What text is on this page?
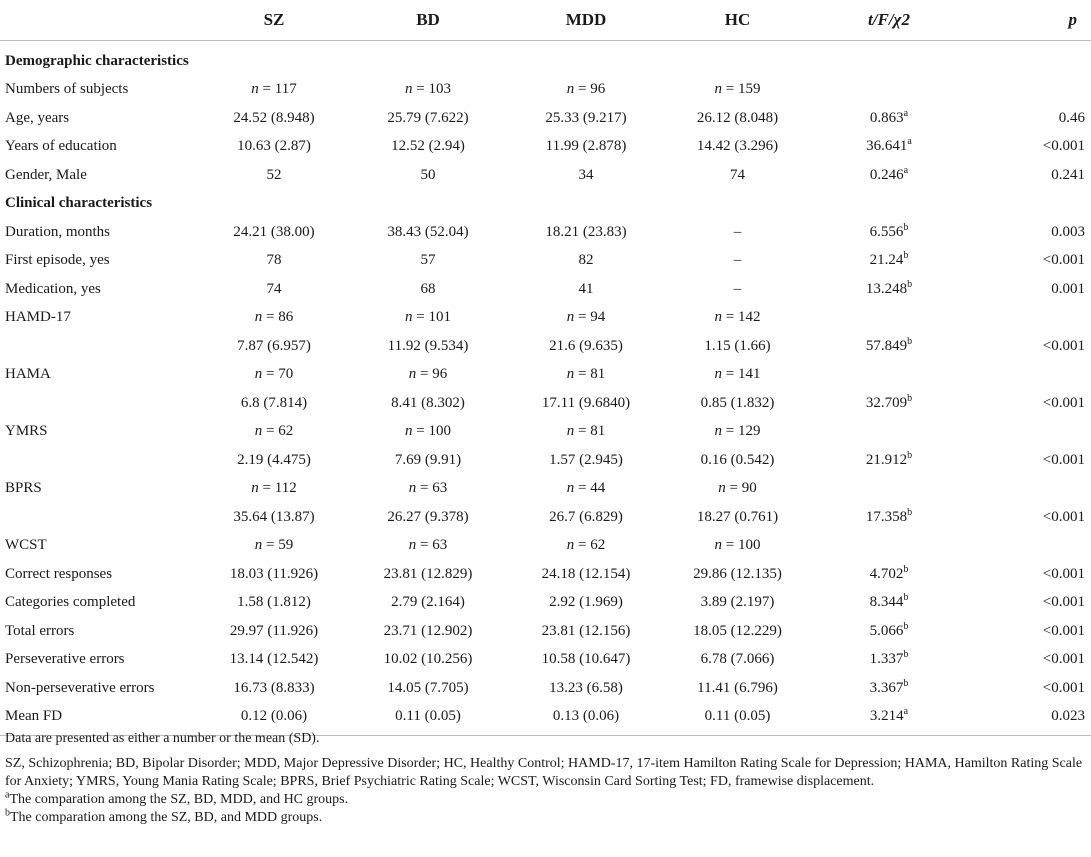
	SZ	BD	MDD	HC	t/F/χ2	p
Demographic characteristics						
Numbers of subjects	n = 117	n = 103	n = 96	n = 159		
Age, years	24.52 (8.948)	25.79 (7.622)	25.33 (9.217)	26.12 (8.048)	0.863$^a$	0.46
Years of education	10.63 (2.87)	12.52 (2.94)	11.99 (2.878)	14.42 (3.296)	36.641$^a$	<0.001
Gender, Male	52	50	34	74	0.246$^a$	0.241
Clinical characteristics						
Duration, months	24.21 (38.00)	38.43 (52.04)	18.21 (23.83)	–	6.556$^b$	0.003
First episode, yes	78	57	82	–	21.24$^b$	<0.001
Medication, yes	74	68	41	–	13.248$^b$	0.001
HAMD-17	n = 86	n = 101	n = 94	n = 142		
	7.87 (6.957)	11.92 (9.534)	21.6 (9.635)	1.15 (1.66)	57.849$^b$	<0.001
HAMA	n = 70	n = 96	n = 81	n = 141		
	6.8 (7.814)	8.41 (8.302)	17.11 (9.6840)	0.85 (1.832)	32.709$^b$	<0.001
YMRS	n = 62	n = 100	n = 81	n = 129		
	2.19 (4.475)	7.69 (9.91)	1.57 (2.945)	0.16 (0.542)	21.912$^b$	<0.001
BPRS	n = 112	n = 63	n = 44	n = 90		
	35.64 (13.87)	26.27 (9.378)	26.7 (6.829)	18.27 (0.761)	17.358$^b$	<0.001
WCST	n = 59	n = 63	n = 62	n = 100		
Correct responses	18.03 (11.926)	23.81 (12.829)	24.18 (12.154)	29.86 (12.135)	4.702$^b$	<0.001
Categories completed	1.58 (1.812)	2.79 (2.164)	2.92 (1.969)	3.89 (2.197)	8.344$^b$	<0.001
Total errors	29.97 (11.926)	23.71 (12.902)	23.81 (12.156)	18.05 (12.229)	5.066$^b$	<0.001
Perseverative errors	13.14 (12.542)	10.02 (10.256)	10.58 (10.647)	6.78 (7.066)	1.337$^b$	<0.001
Non-perseverative errors	16.73 (8.833)	14.05 (7.705)	13.23 (6.58)	11.41 (6.796)	3.367$^b$	<0.001
Mean FD	0.12 (0.06)	0.11 (0.05)	0.13 (0.06)	0.11 (0.05)	3.214$^a$	0.023

Data are presented as either a number or the mean (SD).

SZ, Schizophrenia; BD, Bipolar Disorder; MDD, Major Depressive Disorder; HC, Healthy Control; HAMD-17, 17-item Hamilton Rating Scale for Depression; HAMA, Hamilton Rating Scale for Anxiety; YMRS, Young Mania Rating Scale; BPRS, Brief Psychiatric Rating Scale; WCST, Wisconsin Card Sorting Test; FD, framewise displacement.

$^a$The comparation among the SZ, BD, MDD, and HC groups.

$^b$The comparation among the SZ, BD, and MDD groups.
